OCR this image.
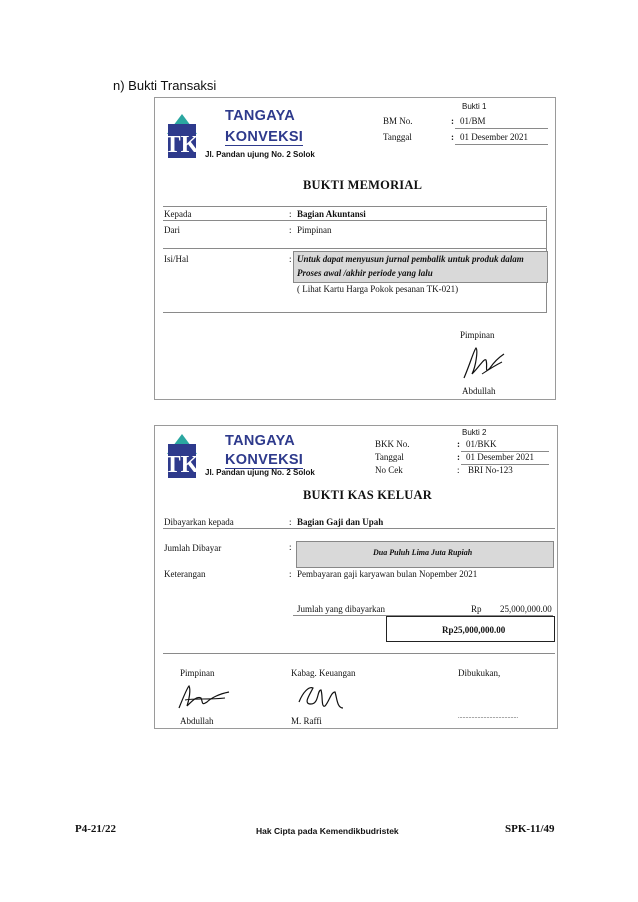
n) Bukti Transaksi
TK
TANGAYA
KONVEKSI
Jl. Pandan ujung No. 2 Solok
Bukti 1
BM No.	: 01/BM
Tanggal	: 01 Desember 2021
BUKTI MEMORIAL
Kepada	: Bagian Akuntansi
Dari	: Pimpinan
Isi/Hal	: Untuk dapat menyusun jurnal pembalik untuk produk dalam
Proses awal /akhir periode yang lalu
( Lihat Kartu Harga Pokok pesanan TK-021)
Pimpinan
Abdullah
TK
TANGAYA
KONVEKSI
Jl. Pandan ujung No. 2 Solok
Bukti 2
BKK No.	: 01/BKK
Tanggal	: 01 Desember 2021
No Cek	: BRI No-123
BUKTI KAS KELUAR
Dibayarkan kepada	: Bagian Gaji dan Upah
Jumlah Dibayar	:
Dua Puluh Lima Juta Rupiah
Keterangan	: Pembayaran gaji karyawan bulan Nopember 2021
Jumlah yang dibayarkan	Rp 25,000,000.00
Rp25,000,000.00
Pimpinan	Kabag. Keuangan	Dibukukan,
Abdullah	M. Raffi	........................................
P4-21/22	Hak Cipta pada Kemendikbudristek	SPK-11/49
